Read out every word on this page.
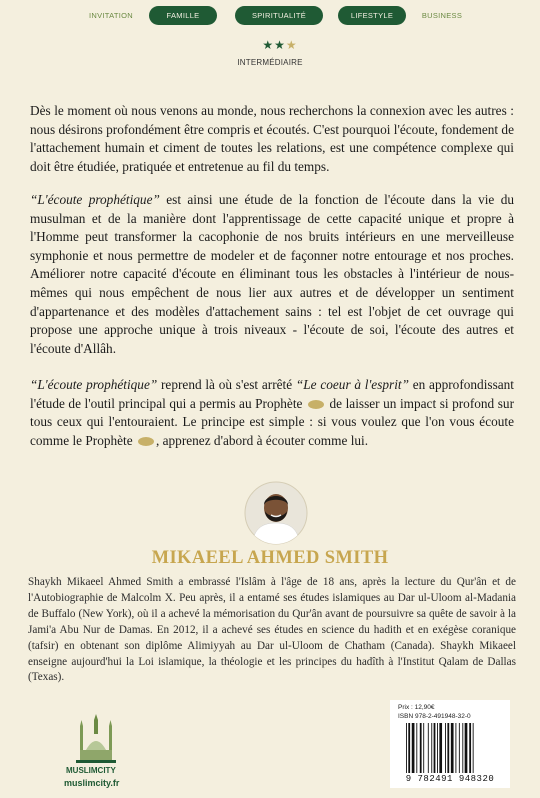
INVITATION	FAMILLE	SPIRITUALITÉ	LIFESTYLE	BUSINESS
★★★
INTERMÉDIAIRE

Dès le moment où nous venons au monde, nous recherchons la connexion avec les autres : nous désirons profondément être compris et écoutés. C'est pourquoi l'écoute, fondement de l'attachement humain et ciment de toutes les relations, est une compétence complexe qui doit être étudiée, pratiquée et entretenue au fil du temps.

“L'écoute prophétique” est ainsi une étude de la fonction de l'écoute dans la vie du musulman et de la manière dont l'apprentissage de cette capacité unique et propre à l'Homme peut transformer la cacophonie de nos bruits intérieurs en une merveilleuse symphonie et nous permettre de modeler et de façonner notre entourage et nos proches. Améliorer notre capacité d'écoute en éliminant tous les obstacles à l'intérieur de nous-mêmes qui nous empêchent de nous lier aux autres et de développer un sentiment d'appartenance et des modèles d'attachement sains : tel est l'objet de cet ouvrage qui propose une approche unique à trois niveaux - l'écoute de soi, l'écoute des autres et l'écoute d'Allâh.

“L'écoute prophétique” reprend là où s'est arrêté “Le coeur à l'esprit” en approfondissant l'étude de l'outil principal qui a permis au Prophète  de laisser un impact si profond sur tous ceux qui l'entouraient. Le principe est simple : si vous voulez que l'on vous écoute comme le Prophète , apprenez d'abord à écouter comme lui.

MIKAEEL AHMED SMITH

Shaykh Mikaeel Ahmed Smith a embrassé l'Islâm à l'âge de 18 ans, après la lecture du Qur'ân et de l'Autobiographie de Malcolm X. Peu après, il a entamé ses études islamiques au Dar ul-Uloom al-Madania de Buffalo (New York), où il a achevé la mémorisation du Qur'ân avant de poursuivre sa quête de savoir à la Jami'a Abu Nur de Damas. En 2012, il a achevé ses études en science du hadith et en exégèse coranique (tafsir) en obtenant son diplôme Alimiyyah au Dar ul-Uloom de Chatham (Canada). Shaykh Mikaeel enseigne aujourd'hui la Loi islamique, la théologie et les principes du hadîth à l'Institut Qalam de Dallas (Texas).

MUSLIMCITY
muslimcity.fr
Prix : 12,90€
ISBN 978-2-491948-32-0
9 782491 948320
